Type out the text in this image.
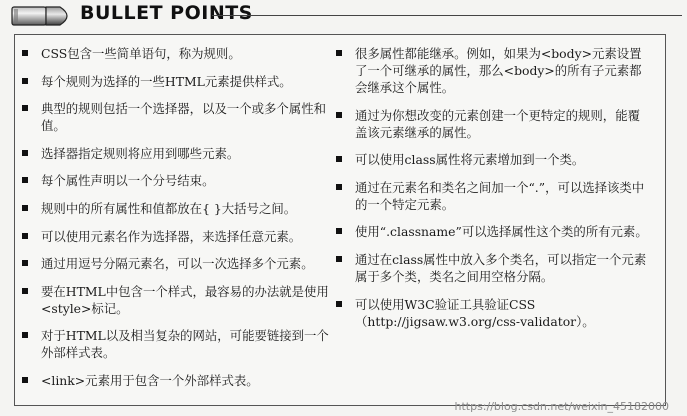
BULLET POINTS
CSS包含一些简单语句，称为规则。
每个规则为选择的一些HTML元素提供样式。
典型的规则包括一个选择器，以及一个或多个属性和值。
选择器指定规则将应用到哪些元素。
每个属性声明以一个分号结束。
规则中的所有属性和值都放在{ }大括号之间。
可以使用元素名作为选择器，来选择任意元素。
通过用逗号分隔元素名，可以一次选择多个元素。
要在HTML中包含一个样式，最容易的办法就是使用<style>标记。
对于HTML以及相当复杂的网站，可能要链接到一个外部样式表。
<link>元素用于包含一个外部样式表。
很多属性都能继承。例如，如果为<body>元素设置了一个可继承的属性，那么<body>的所有子元素都会继承这个属性。
通过为你想改变的元素创建一个更特定的规则，能覆盖该元素继承的属性。
可以使用class属性将元素增加到一个类。
通过在元素名和类名之间加一个“.”，可以选择该类中的一个特定元素。
使用“.classname”可以选择属性这个类的所有元素。
通过在class属性中放入多个类名，可以指定一个元素属于多个类，类名之间用空格分隔。
可以使用W3C验证工具验证CSS（http://jigsaw.w3.org/css-validator）。
https://blog.csdn.net/weixin_45182000
